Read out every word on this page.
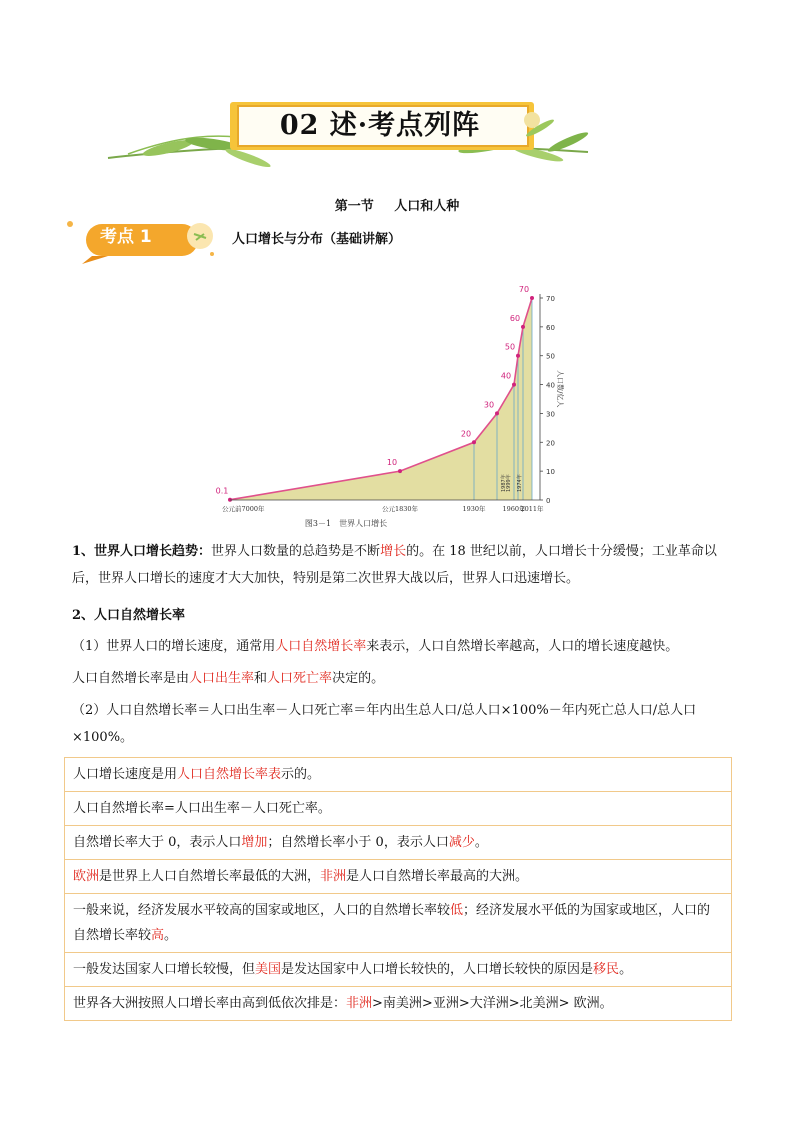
02 述·考点列阵
第一节 人口和人种
考点 1	人口增长与分布（基础讲解）
0.1
10
20
30
40
50
60
70
0
10
20
30
40
50
60
70
人口数/亿人
公元前7000年	公元1830年	1930年	1960年
2011年
1987年 1999年 1974年
图3－1　世界人口增长
1、世界人口增长趋势：世界人口数量的总趋势是不断增长的。在 18 世纪以前，人口增长十分缓慢；工业革命以后，世界人口增长的速度才大大加快，特别是第二次世界大战以后，世界人口迅速增长。
2、人口自然增长率
（1）世界人口的增长速度，通常用人口自然增长率来表示，人口自然增长率越高，人口的增长速度越快。
人口自然增长率是由人口出生率和人口死亡率决定的。
（2）人口自然增长率＝人口出生率－人口死亡率＝年内出生总人口/总人口×100%－年内死亡总人口/总人口×100%。
人口增长速度是用人口自然增长率表示的。
人口自然增长率=人口出生率－人口死亡率。
自然增长率大于 0，表示人口增加；自然增长率小于 0，表示人口减少。
欧洲是世界上人口自然增长率最低的大洲，非洲是人口自然增长率最高的大洲。
一般来说，经济发展水平较高的国家或地区，人口的自然增长率较低；经济发展水平低的为国家或地区，人口的自然增长率较高。
一般发达国家人口增长较慢，但美国是发达国家中人口增长较快的，人口增长较快的原因是移民。
世界各大洲按照人口增长率由高到低依次排是：非洲>南美洲>亚洲>大洋洲>北美洲> 欧洲。
